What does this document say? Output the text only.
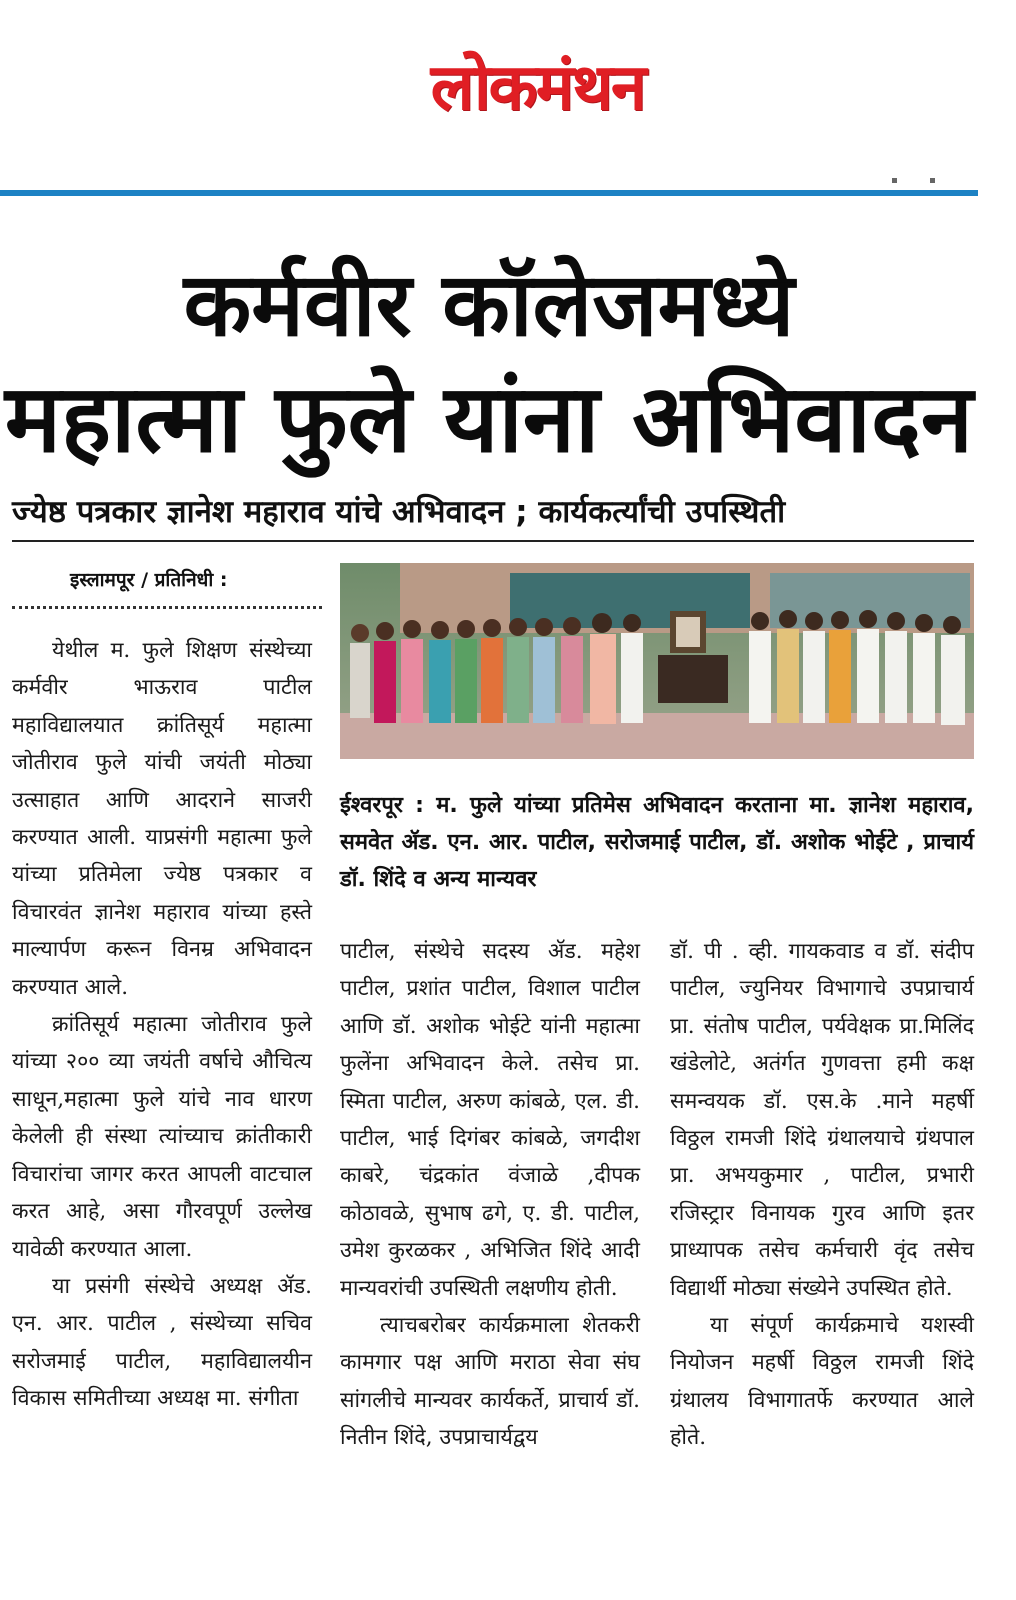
लोकमंथन
कर्मवीर कॉलेजमध्ये
महात्मा फुले यांना अभिवादन
ज्येष्ठ पत्रकार ज्ञानेश महाराव यांचे अभिवादन ; कार्यकर्त्यांची उपस्थिती
इस्लामपूर / प्रतिनिधी :

येथील म. फुले शिक्षण संस्थेच्या कर्मवीर भाऊराव पाटील महाविद्यालयात क्रांतिसूर्य महात्मा जोतीराव फुले यांची जयंती मोठ्या उत्साहात आणि आदराने साजरी करण्यात आली. याप्रसंगी महात्मा फुले यांच्या प्रतिमेला ज्येष्ठ पत्रकार व विचारवंत ज्ञानेश महाराव यांच्या हस्ते माल्यार्पण करून विनम्र अभिवादन करण्यात आले.

क्रांतिसूर्य महात्मा जोतीराव फुले यांच्या २०० व्या जयंती वर्षाचे औचित्य साधून,महात्मा फुले यांचे नाव धारण केलेली ही संस्था त्यांच्याच क्रांतीकारी विचारांचा जागर करत आपली वाटचाल करत आहे, असा गौरवपूर्ण उल्लेख यावेळी करण्यात आला.

या प्रसंगी संस्थेचे अध्यक्ष ॲड. एन. आर. पाटील , संस्थेच्या सचिव सरोजमाई पाटील, महाविद्यालयीन विकास समितीच्या अध्यक्ष मा. संगीता

ईश्वरपूर : म. फुले यांच्या प्रतिमेस अभिवादन करताना मा. ज्ञानेश महाराव, समवेत ॲड. एन. आर. पाटील, सरोजमाई पाटील, डॉ. अशोक भोईटे , प्राचार्य डॉ. शिंदे व अन्य मान्यवर

पाटील, संस्थेचे सदस्य ॲड. महेश पाटील, प्रशांत पाटील, विशाल पाटील आणि डॉ. अशोक भोईटे यांनी महात्मा फुलेंना अभिवादन केले. तसेच प्रा. स्मिता पाटील, अरुण कांबळे, एल. डी. पाटील, भाई दिगंबर कांबळे, जगदीश काबरे, चंद्रकांत वंजाळे ,दीपक कोठावळे, सुभाष ढगे, ए. डी. पाटील, उमेश कुरळकर , अभिजित शिंदे आदी मान्यवरांची उपस्थिती लक्षणीय होती.

त्याचबरोबर कार्यक्रमाला शेतकरी कामगार पक्ष आणि मराठा सेवा संघ सांगलीचे मान्यवर कार्यकर्ते, प्राचार्य डॉ. नितीन शिंदे, उपप्राचार्यद्वय

डॉ. पी . व्ही. गायकवाड व डॉ. संदीप पाटील, ज्युनियर विभागाचे उपप्राचार्य प्रा. संतोष पाटील, पर्यवेक्षक प्रा.मिलिंद खंडेलोटे, अतंर्गत गुणवत्ता हमी कक्ष समन्वयक डॉ. एस.के .माने महर्षी विठ्ठल रामजी शिंदे ग्रंथालयाचे ग्रंथपाल प्रा. अभयकुमार , पाटील, प्रभारी रजिस्ट्रार विनायक गुरव आणि इतर प्राध्यापक तसेच कर्मचारी वृंद तसेच विद्यार्थी मोठ्या संख्येने उपस्थित होते.

या संपूर्ण कार्यक्रमाचे यशस्वी नियोजन महर्षी विठ्ठल रामजी शिंदे ग्रंथालय विभागातर्फे करण्यात आले होते.
